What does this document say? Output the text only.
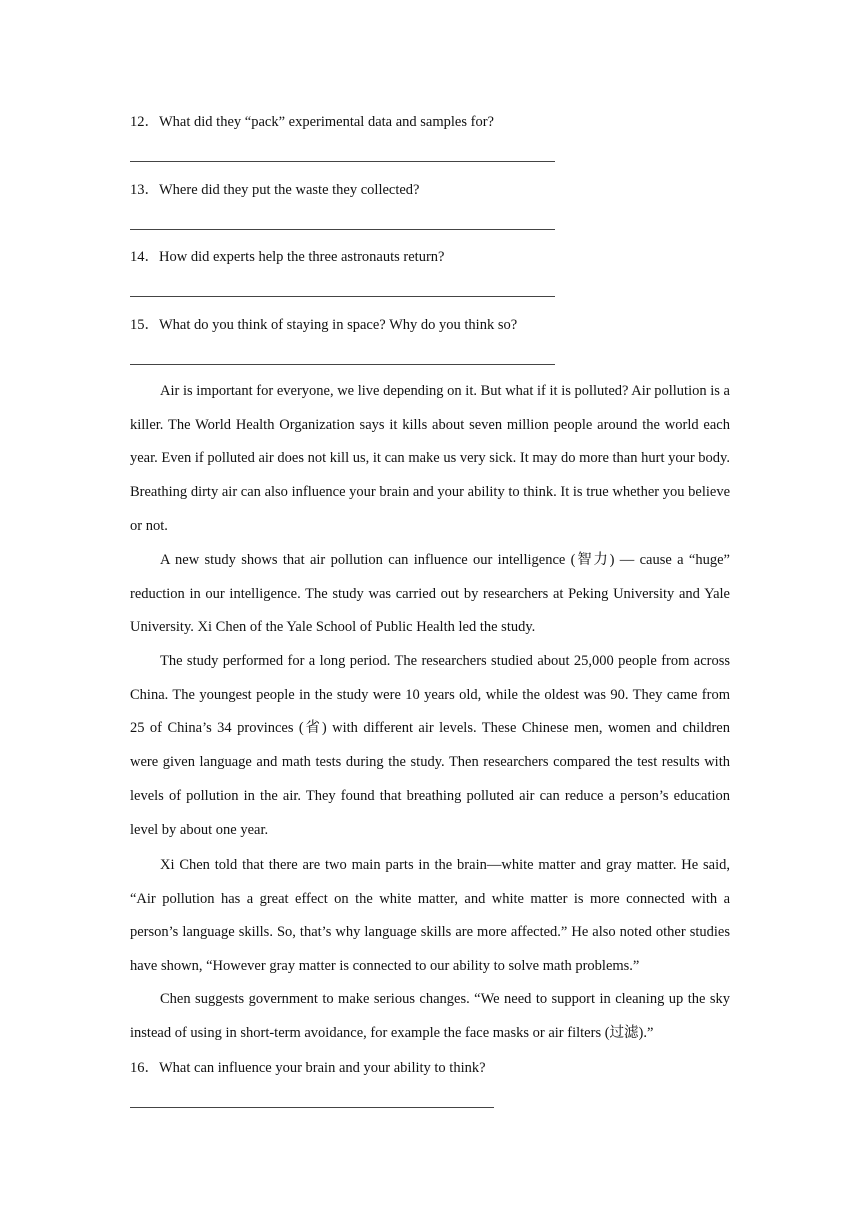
12．What did they “pack” experimental data and samples for?
13．Where did they put the waste they collected?
14．How did experts help the three astronauts return?
15．What do you think of staying in space? Why do you think so?

Air is important for everyone, we live depending on it. But what if it is polluted? Air pollution is a killer. The World Health Organization says it kills about seven million people around the world each year. Even if polluted air does not kill us, it can make us very sick. It may do more than hurt your body. Breathing dirty air can also influence your brain and your ability to think. It is true whether you believe or not.

A new study shows that air pollution can influence our intelligence (智力) — cause a “huge” reduction in our intelligence. The study was carried out by researchers at Peking University and Yale University. Xi Chen of the Yale School of Public Health led the study.

The study performed for a long period. The researchers studied about 25,000 people from across China. The youngest people in the study were 10 years old, while the oldest was 90. They came from 25 of China’s 34 provinces (省) with different air levels. These Chinese men, women and children were given language and math tests during the study. Then researchers compared the test results with levels of pollution in the air. They found that breathing polluted air can reduce a person’s education level by about one year.

Xi Chen told that there are two main parts in the brain—white matter and gray matter. He said, “Air pollution has a great effect on the white matter, and white matter is more connected with a person’s language skills. So, that’s why language skills are more affected.” He also noted other studies have shown, “However gray matter is connected to our ability to solve math problems.”

Chen suggests government to make serious changes. “We need to support in cleaning up the sky instead of using in short-term avoidance, for example the face masks or air filters (过滤).”

16．What can influence your brain and your ability to think?
